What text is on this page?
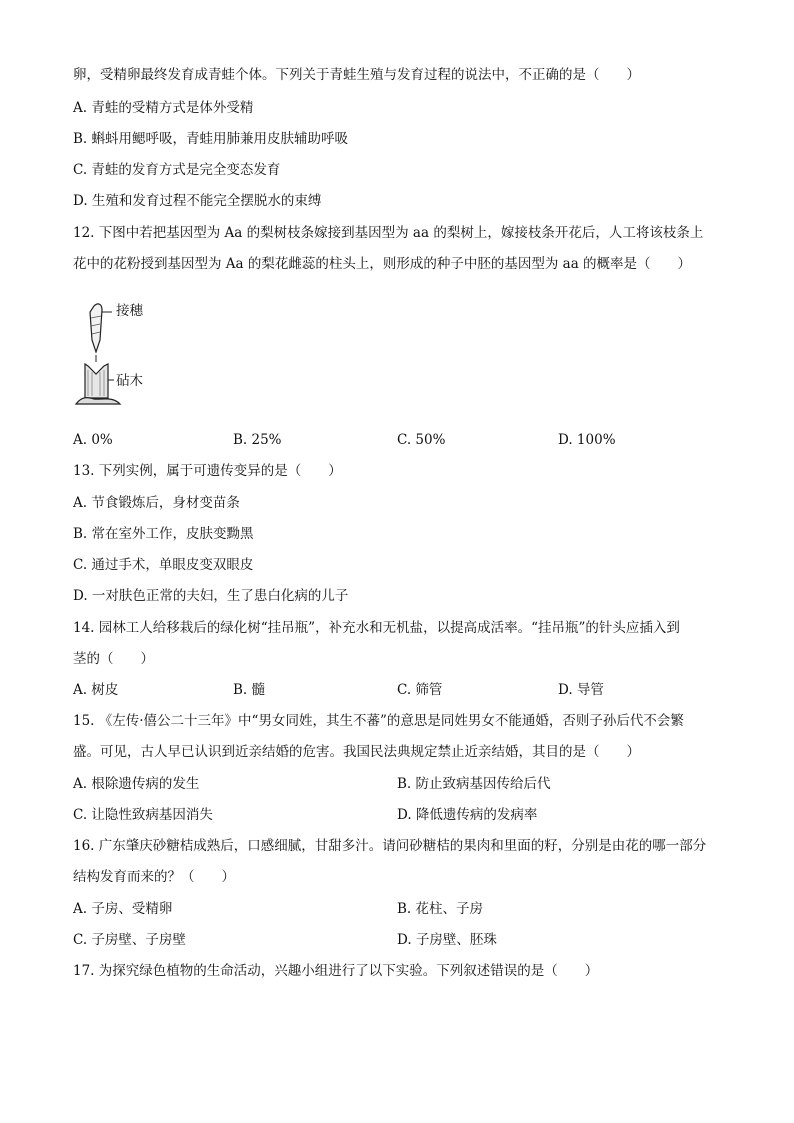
卵，受精卵最终发育成青蛙个体。下列关于青蛙生殖与发育过程的说法中，不正确的是（　　）
A. 青蛙的受精方式是体外受精
B. 蝌蚪用鳃呼吸，青蛙用肺兼用皮肤辅助呼吸
C. 青蛙的发育方式是完全变态发育
D. 生殖和发育过程不能完全摆脱水的束缚
12. 下图中若把基因型为 Aa 的梨树枝条嫁接到基因型为 aa 的梨树上，嫁接枝条开花后，人工将该枝条上
花中的花粉授到基因型为 Aa 的梨花雌蕊的柱头上，则形成的种子中胚的基因型为 aa 的概率是（　　）
接穗
砧木
A. 0%	B. 25%	C. 50%	D. 100%
13. 下列实例，属于可遗传变异的是（　　）
A. 节食锻炼后，身材变苗条
B. 常在室外工作，皮肤变黝黑
C. 通过手术，单眼皮变双眼皮
D. 一对肤色正常的夫妇，生了患白化病的儿子
14. 园林工人给移栽后的绿化树“挂吊瓶”，补充水和无机盐，以提高成活率。“挂吊瓶”的针头应插入到
茎的（　　）
A. 树皮	B. 髓	C. 筛管	D. 导管
15. 《左传·僖公二十三年》中“男女同姓，其生不蕃”的意思是同姓男女不能通婚，否则子孙后代不会繁
盛。可见，古人早已认识到近亲结婚的危害。我国民法典规定禁止近亲结婚，其目的是（　　）
A. 根除遗传病的发生	B. 防止致病基因传给后代
C. 让隐性致病基因消失	D. 降低遗传病的发病率
16. 广东肇庆砂糖桔成熟后，口感细腻，甘甜多汁。请问砂糖桔的果肉和里面的籽，分别是由花的哪一部分
结构发育而来的？（　　）
A. 子房、受精卵	B. 花柱、子房
C. 子房壁、子房壁	D. 子房壁、胚珠
17. 为探究绿色植物的生命活动，兴趣小组进行了以下实验。下列叙述错误的是（　　）
